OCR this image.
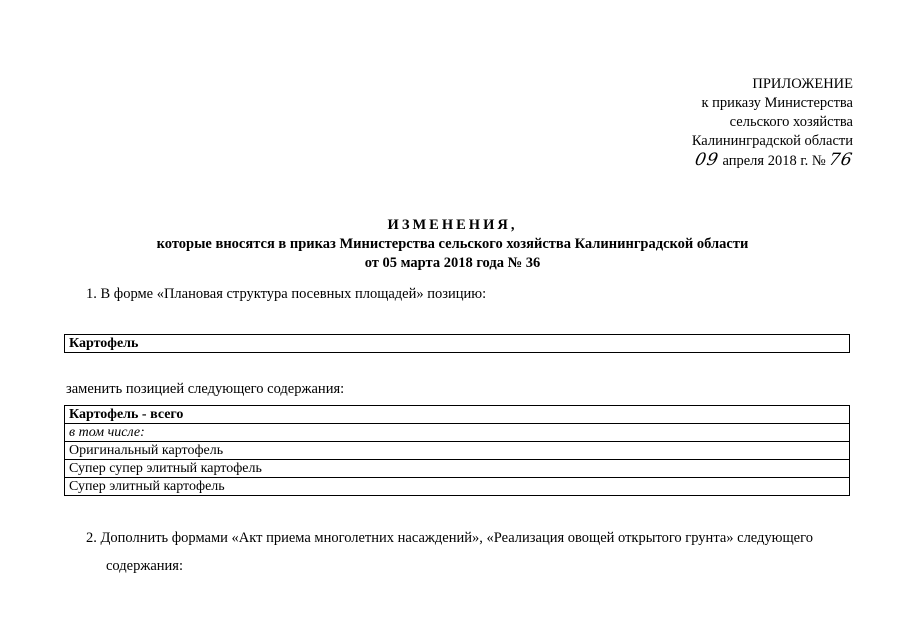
ПРИЛОЖЕНИЕ
к приказу Министерства
сельского хозяйства
Калининградской области
09 апреля 2018 г. № 76
ИЗМЕНЕНИЯ,
которые вносятся в приказ Министерства сельского хозяйства Калининградской области
от 05 марта 2018 года № 36
1. В форме «Плановая структура посевных площадей» позицию:
Картофель
заменить позицией следующего содержания:
Картофель - всего
в том числе:
Оригинальный картофель
Супер супер элитный картофель
Супер элитный картофель
2. Дополнить формами «Акт приема многолетних насаждений», «Реализация овощей открытого грунта» следующего
содержания:
